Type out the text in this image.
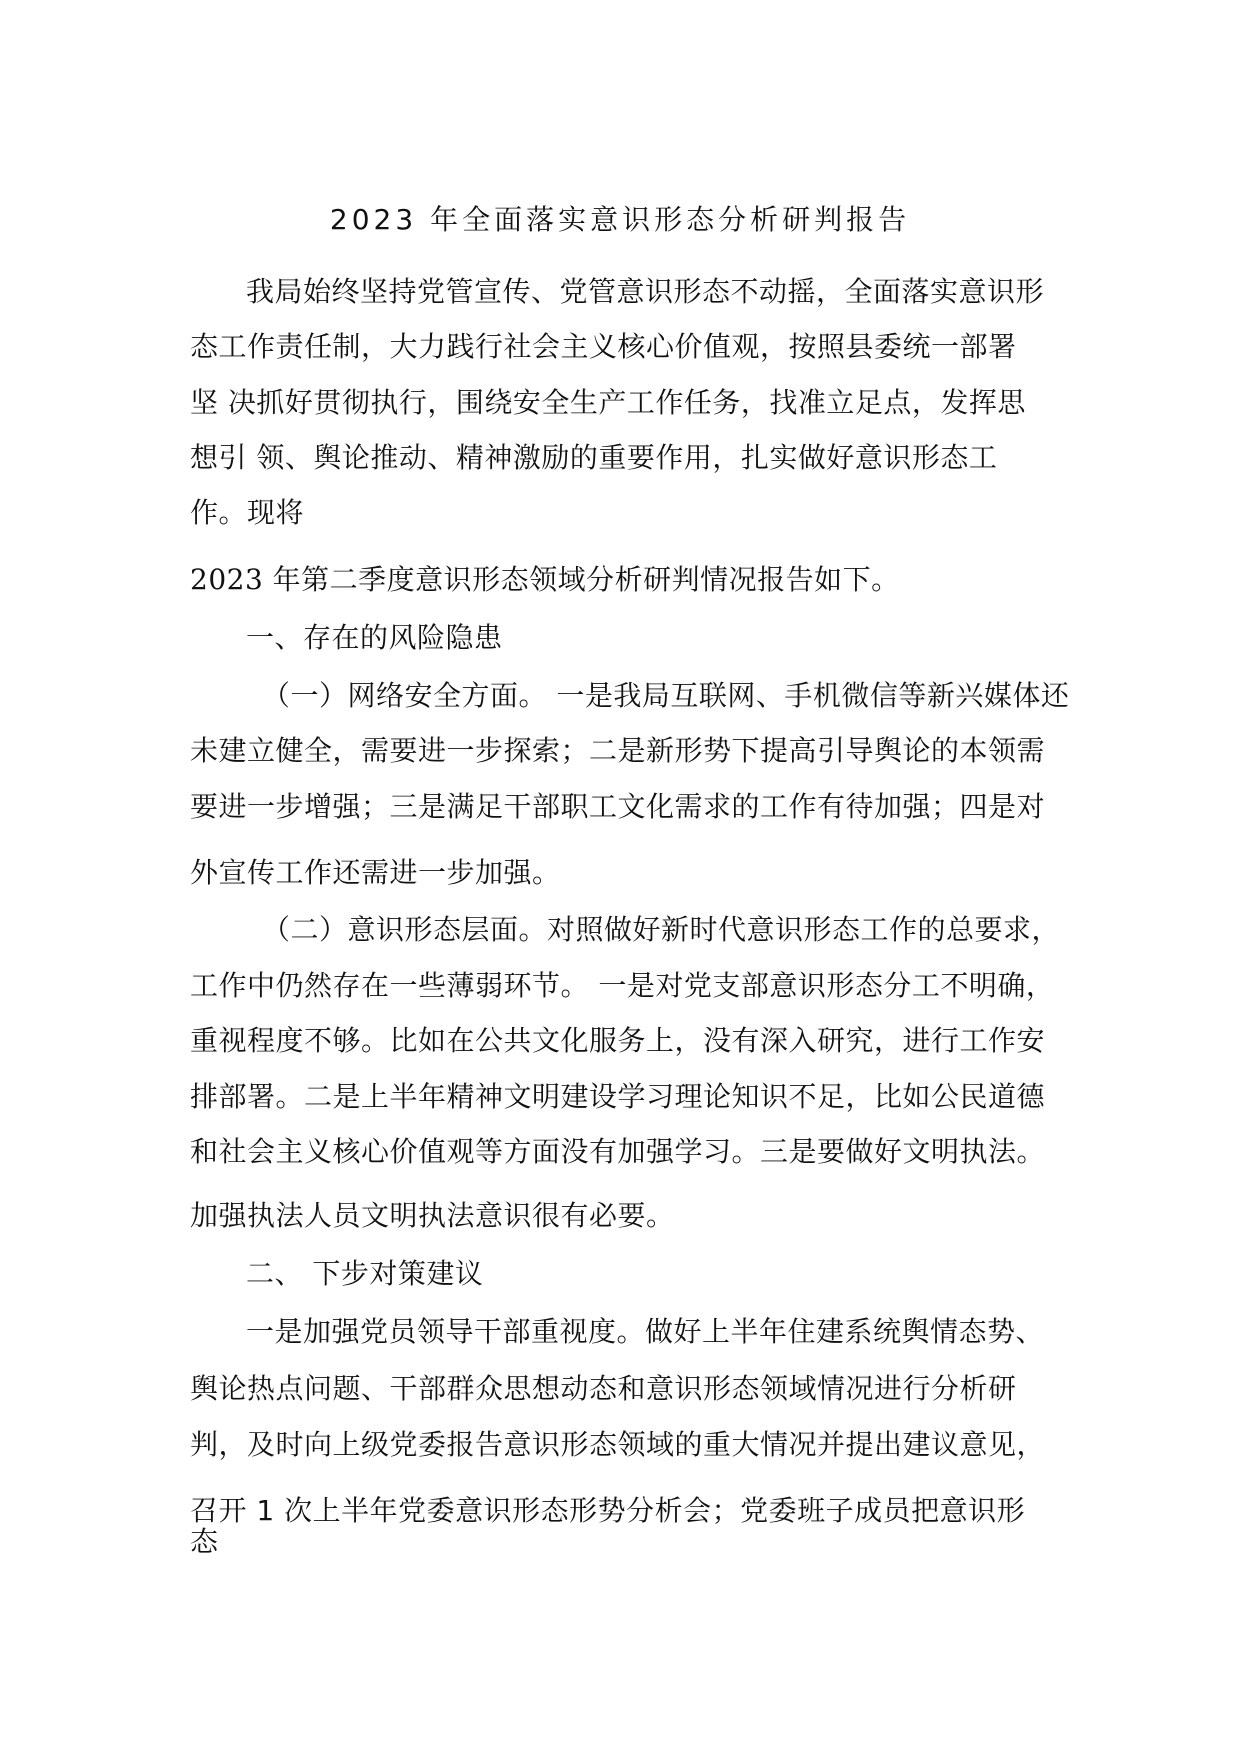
2023 年全面落实意识形态分析研判报告
我局始终坚持党管宣传、党管意识形态不动摇，全面落实意识形
态工作责任制，大力践行社会主义核心价值观，按照县委统一部署
坚 决抓好贯彻执行，围绕安全生产工作任务，找准立足点，发挥思
想引 领、舆论推动、精神激励的重要作用，扎实做好意识形态工
作。现将
2023 年第二季度意识形态领域分析研判情况报告如下。
一、存在的风险隐患
（一）网络安全方面。 一是我局互联网、手机微信等新兴媒体还
未建立健全，需要进一步探索；二是新形势下提高引导舆论的本领需
要进一步增强；三是满足干部职工文化需求的工作有待加强；四是对
外宣传工作还需进一步加强。
（二）意识形态层面。对照做好新时代意识形态工作的总要求，
工作中仍然存在一些薄弱环节。 一是对党支部意识形态分工不明确，
重视程度不够。比如在公共文化服务上，没有深入研究，进行工作安
排部署。二是上半年精神文明建设学习理论知识不足，比如公民道德
和社会主义核心价值观等方面没有加强学习。三是要做好文明执法。
加强执法人员文明执法意识很有必要。
二、 下步对策建议
一是加强党员领导干部重视度。做好上半年住建系统舆情态势、
舆论热点问题、干部群众思想动态和意识形态领域情况进行分析研
判，及时向上级党委报告意识形态领域的重大情况并提出建议意见，
召开 1 次上半年党委意识形态形势分析会；党委班子成员把意识形
态
